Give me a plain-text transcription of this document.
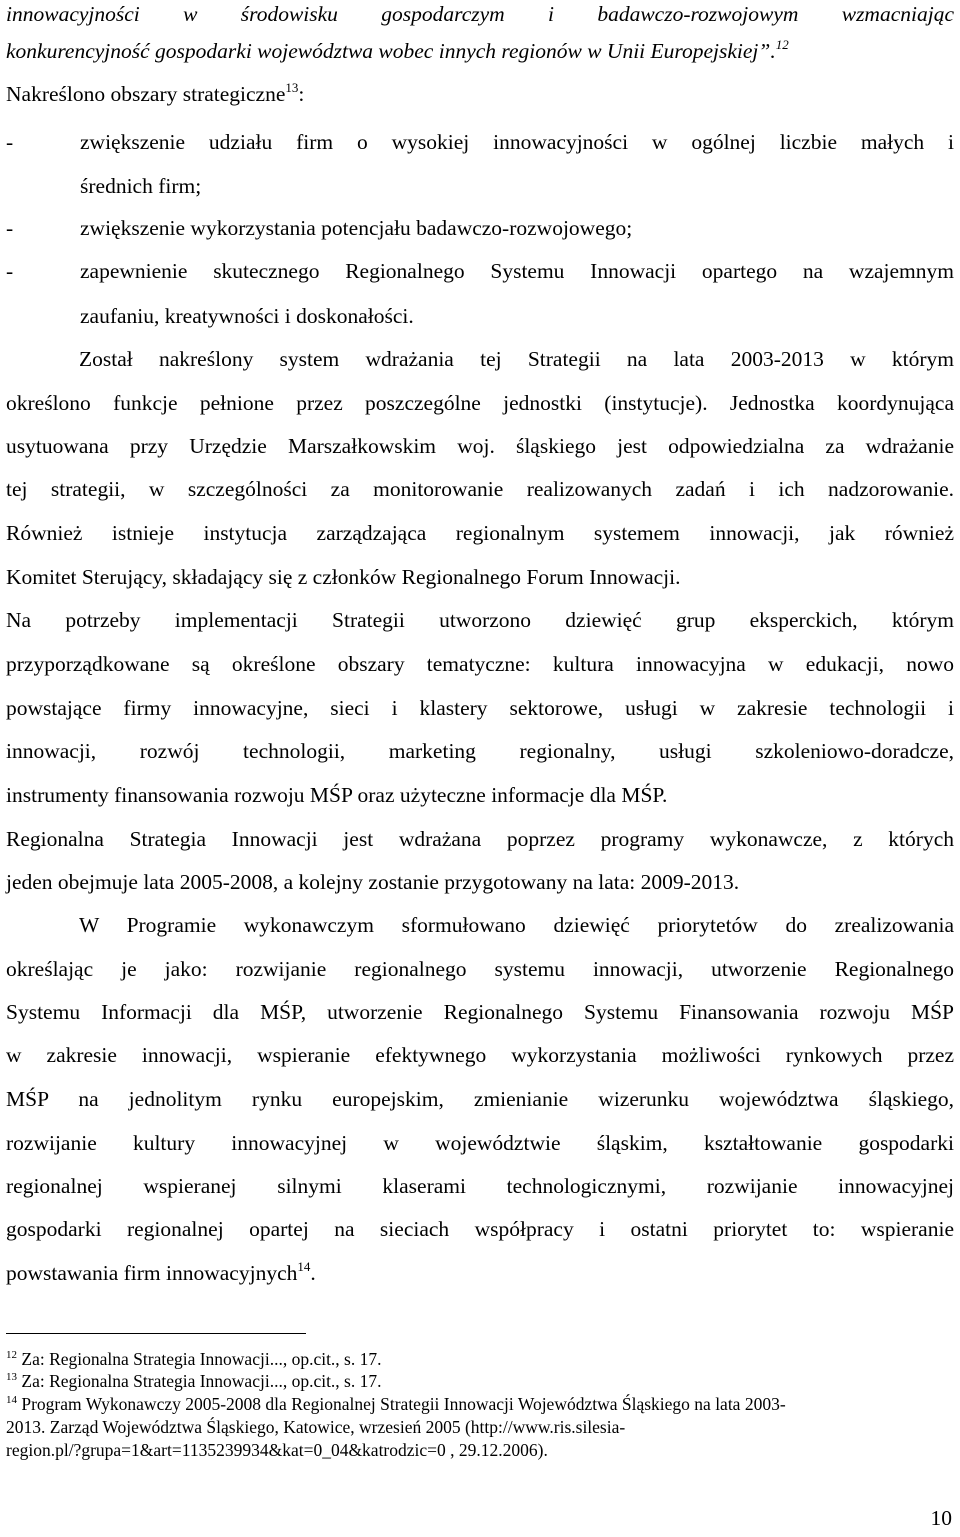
innowacyjności w środowisku gospodarczym i badawczo-rozwojowym wzmacniając
konkurencyjność gospodarki województwa wobec innych regionów w Unii Europejskiej”.$^{12}$
Nakreślono obszary strategiczne$^{13}$:
-	zwiększenie udziału firm o wysokiej innowacyjności w ogólnej liczbie małych i
średnich firm;
-	zwiększenie wykorzystania potencjału badawczo-rozwojowego;
-	zapewnienie skutecznego Regionalnego Systemu Innowacji opartego na wzajemnym
zaufaniu, kreatywności i doskonałości.
Został nakreślony system wdrażania tej Strategii na lata 2003-2013 w którym
określono funkcje pełnione przez poszczególne jednostki (instytucje). Jednostka koordynująca
usytuowana przy Urzędzie Marszałkowskim woj. śląskiego jest odpowiedzialna za wdrażanie
tej strategii, w szczególności za monitorowanie realizowanych zadań i ich nadzorowanie.
Również istnieje instytucja zarządzająca regionalnym systemem innowacji, jak również
Komitet Sterujący, składający się z członków Regionalnego Forum Innowacji.
Na potrzeby implementacji Strategii utworzono dziewięć grup eksperckich, którym
przyporządkowane są określone obszary tematyczne: kultura innowacyjna w edukacji, nowo
powstające firmy innowacyjne, sieci i klastery sektorowe, usługi w zakresie technologii i
innowacji, rozwój technologii, marketing regionalny, usługi szkoleniowo-doradcze,
instrumenty finansowania rozwoju MŚP oraz użyteczne informacje dla MŚP.
Regionalna Strategia Innowacji jest wdrażana poprzez programy wykonawcze, z których
jeden obejmuje lata 2005-2008, a kolejny zostanie przygotowany na lata: 2009-2013.
W Programie wykonawczym sformułowano dziewięć priorytetów do zrealizowania
określając je jako: rozwijanie regionalnego systemu innowacji, utworzenie Regionalnego
Systemu Informacji dla MŚP, utworzenie Regionalnego Systemu Finansowania rozwoju MŚP
w zakresie innowacji, wspieranie efektywnego wykorzystania możliwości rynkowych przez
MŚP na jednolitym rynku europejskim, zmienianie wizerunku województwa śląskiego,
rozwijanie kultury innowacyjnej w województwie śląskim, kształtowanie gospodarki
regionalnej wspieranej silnymi klaserami technologicznymi, rozwijanie innowacyjnej
gospodarki regionalnej opartej na sieciach współpracy i ostatni priorytet to: wspieranie
powstawania firm innowacyjnych$^{14}$.
$^{12}$ Za: Regionalna Strategia Innowacji..., op.cit., s. 17.
$^{13}$ Za: Regionalna Strategia Innowacji..., op.cit., s. 17.
$^{14}$ Program Wykonawczy 2005-2008 dla Regionalnej Strategii Innowacji Województwa Śląskiego na lata 2003-
2013. Zarząd Województwa Śląskiego, Katowice, wrzesień 2005 (http://www.ris.silesia-
region.pl/?grupa=1&art=1135239934&kat=0_04&katrodzic=0 , 29.12.2006).
10
